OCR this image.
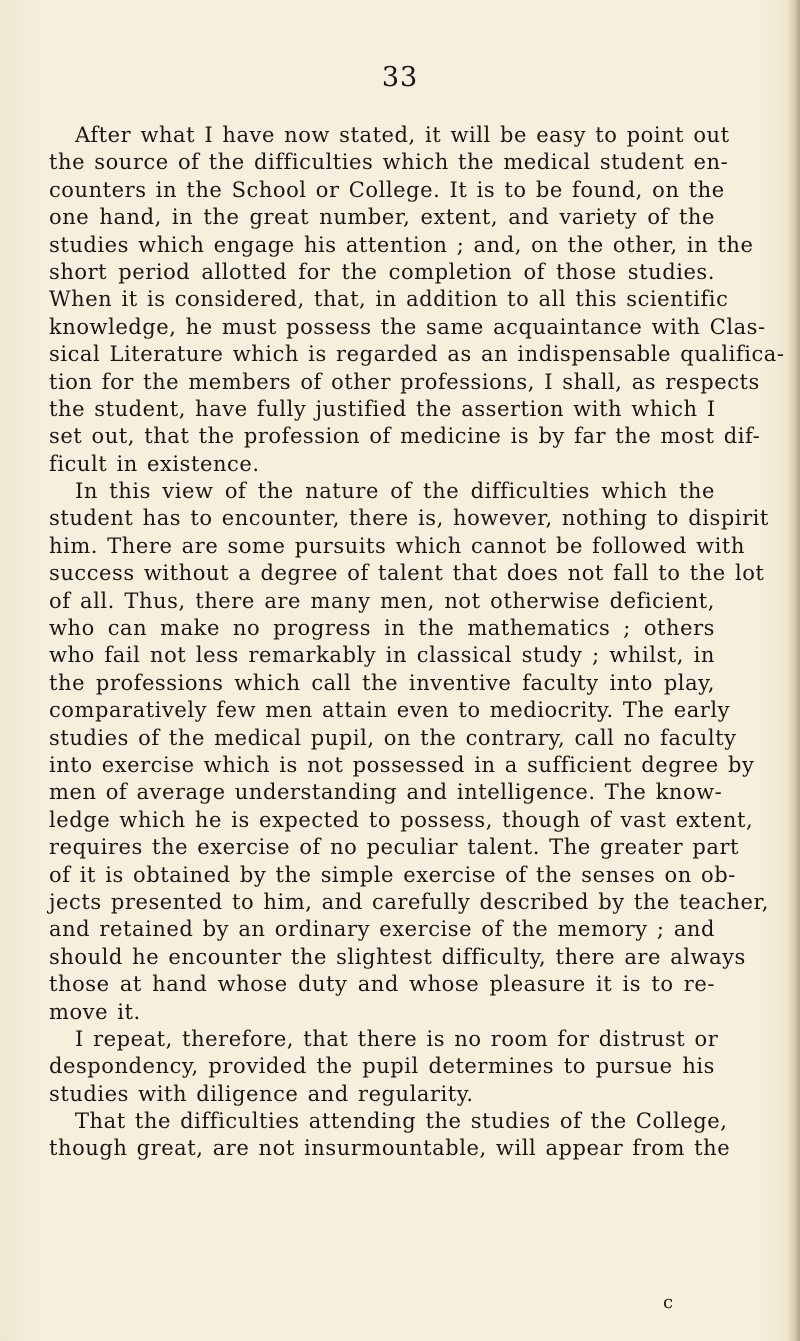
33
After what I have now stated, it will be easy to point out
the source of the difficulties which the medical student en-
counters in the School or College. It is to be found, on the
one hand, in the great number, extent, and variety of the
studies which engage his attention ; and, on the other, in the
short period allotted for the completion of those studies.
When it is considered, that, in addition to all this scientific
knowledge, he must possess the same acquaintance with Clas-
sical Literature which is regarded as an indispensable qualifica-
tion for the members of other professions, I shall, as respects
the student, have fully justified the assertion with which I
set out, that the profession of medicine is by far the most dif-
ficult in existence.
In this view of the nature of the difficulties which the
student has to encounter, there is, however, nothing to dispirit
him. There are some pursuits which cannot be followed with
success without a degree of talent that does not fall to the lot
of all. Thus, there are many men, not otherwise deficient,
who can make no progress in the mathematics ; others
who fail not less remarkably in classical study ; whilst, in
the professions which call the inventive faculty into play,
comparatively few men attain even to mediocrity. The early
studies of the medical pupil, on the contrary, call no faculty
into exercise which is not possessed in a sufficient degree by
men of average understanding and intelligence. The know-
ledge which he is expected to possess, though of vast extent,
requires the exercise of no peculiar talent. The greater part
of it is obtained by the simple exercise of the senses on ob-
jects presented to him, and carefully described by the teacher,
and retained by an ordinary exercise of the memory ; and
should he encounter the slightest difficulty, there are always
those at hand whose duty and whose pleasure it is to re-
move it.
I repeat, therefore, that there is no room for distrust or
despondency, provided the pupil determines to pursue his
studies with diligence and regularity.
That the difficulties attending the studies of the College,
though great, are not insurmountable, will appear from the
c
